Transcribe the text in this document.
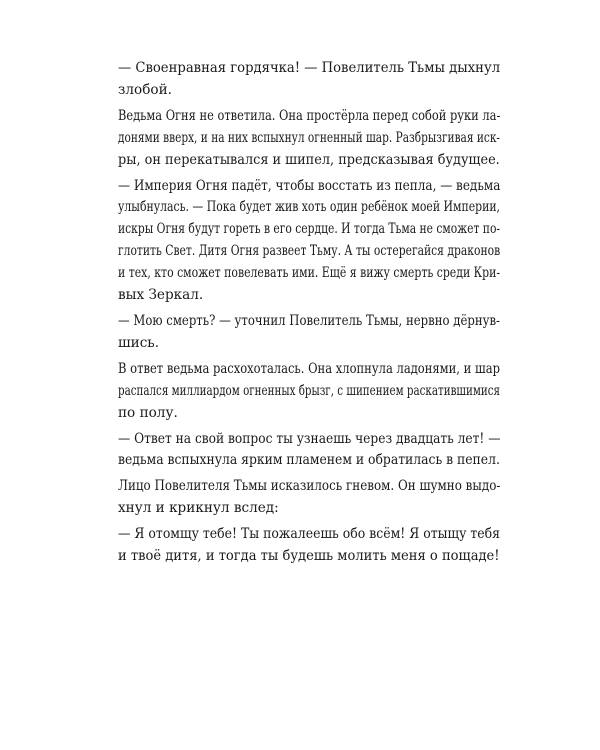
— Своенравная гордячка! — Повелитель Тьмы дыхнул
злобой.

Ведьма Огня не ответила. Она простёрла перед собой руки ла-
донями вверх, и на них вспыхнул огненный шар. Разбрызгивая иск-
ры, он перекатывался и шипел, предсказывая будущее.

— Империя Огня падёт, чтобы восстать из пепла, — ведьма
улыбнулась. — Пока будет жив хоть один ребёнок моей Империи,
искры Огня будут гореть в его сердце. И тогда Тьма не сможет по-
глотить Свет. Дитя Огня развеет Тьму. А ты остерегайся драконов
и тех, кто сможет повелевать ими. Ещё я вижу смерть среди Кри-
вых Зеркал.

— Мою смерть? — уточнил Повелитель Тьмы, нервно дёрнув-
шись.

В ответ ведьма расхохоталась. Она хлопнула ладонями, и шар
распался миллиардом огненных брызг, с шипением раскатившимися
по полу.

— Ответ на свой вопрос ты узнаешь через двадцать лет! —
ведьма вспыхнула ярким пламенем и обратилась в пепел.

Лицо Повелителя Тьмы исказилось гневом. Он шумно выдо-
хнул и крикнул вслед:

— Я отомщу тебе! Ты пожалеешь обо всём! Я отыщу тебя
и твоё дитя, и тогда ты будешь молить меня о пощаде!
